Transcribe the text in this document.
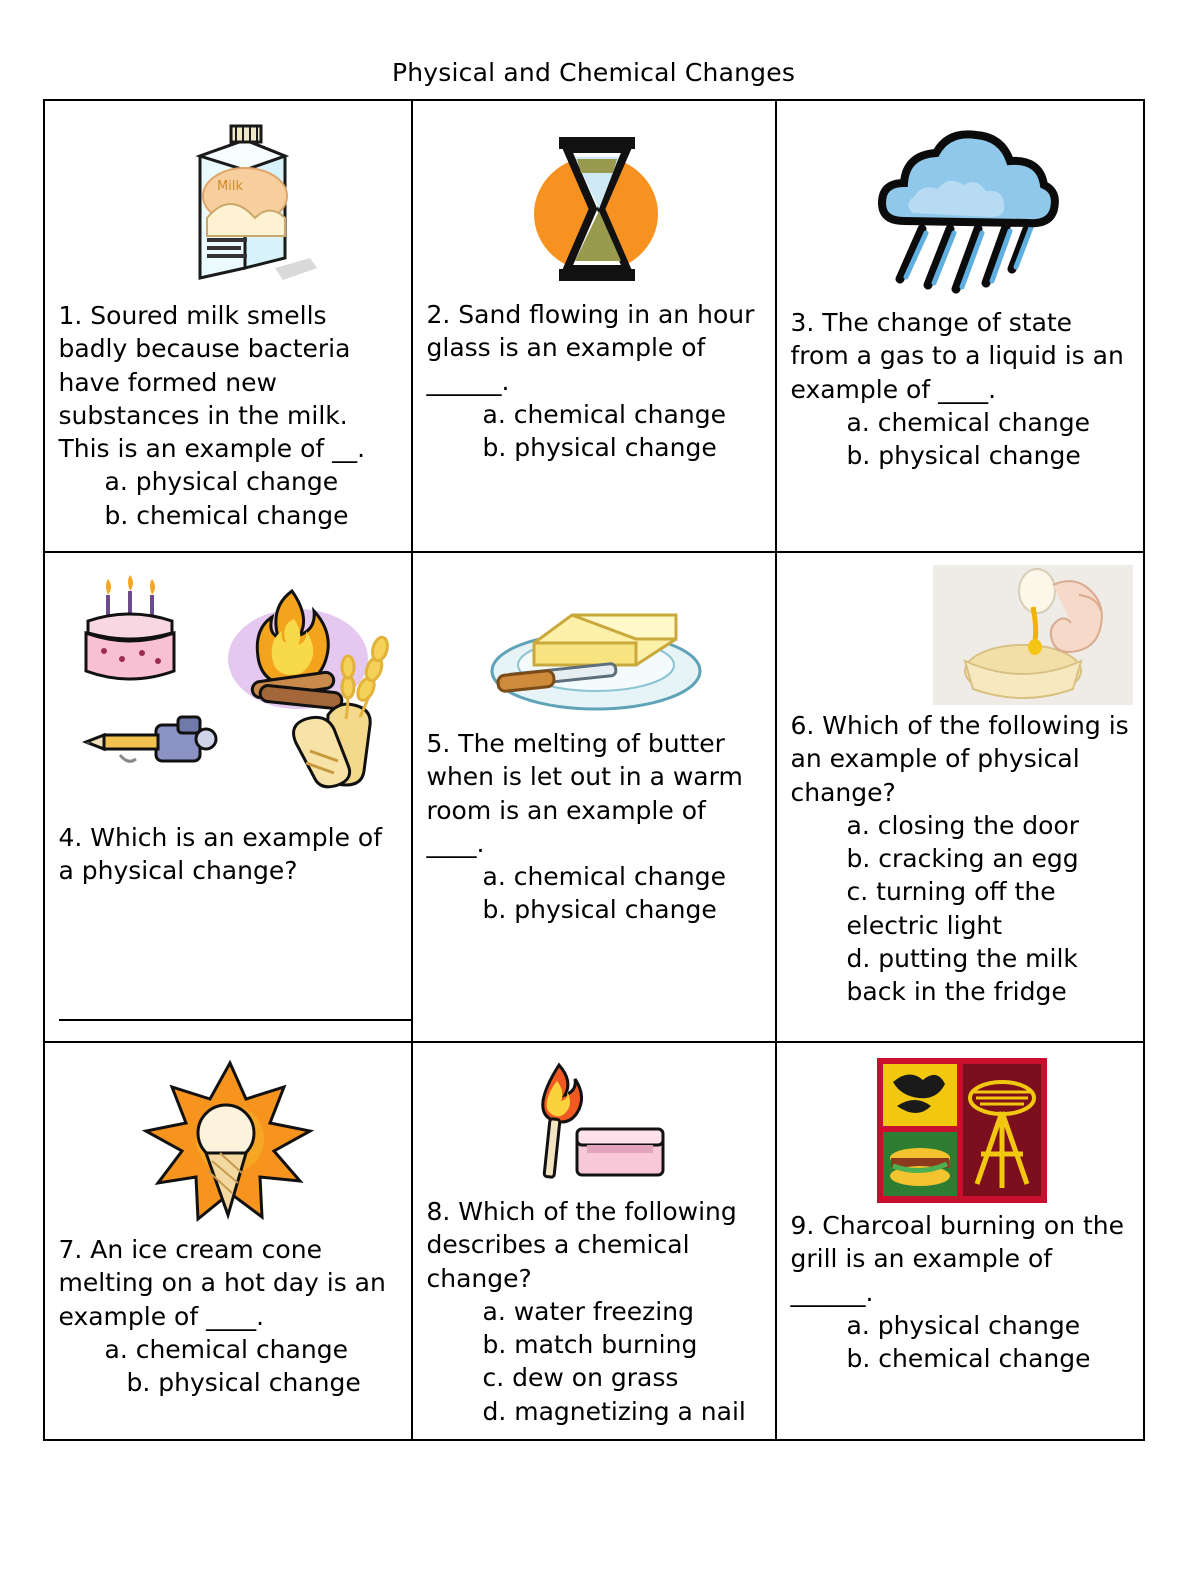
Physical and Chemical Changes
Milk
1. Soured milk smells badly because bacteria have formed new substances in the milk. This is an example of __.
a. physical change
b. chemical change
2. Sand flowing in an hour glass is an example of ______.
a. chemical change
b. physical change
3. The change of state from a gas to a liquid is an example of ____.
a. chemical change
b. physical change
4. Which is an example of a physical change?
5. The melting of butter when is let out in a warm room is an example of ____.
a. chemical change
b. physical change
6. Which of the following is an example of physical change?
a. closing the door
b. cracking an egg
c. turning off the electric light
d. putting the milk back in the fridge
7. An ice cream cone melting on a hot day is an example of ____.
a. chemical change
b. physical change
8. Which of the following describes a chemical change?
a. water freezing
b. match burning
c. dew on grass
d. magnetizing a nail
9. Charcoal burning on the grill is an example of ______.
a. physical change
b. chemical change
